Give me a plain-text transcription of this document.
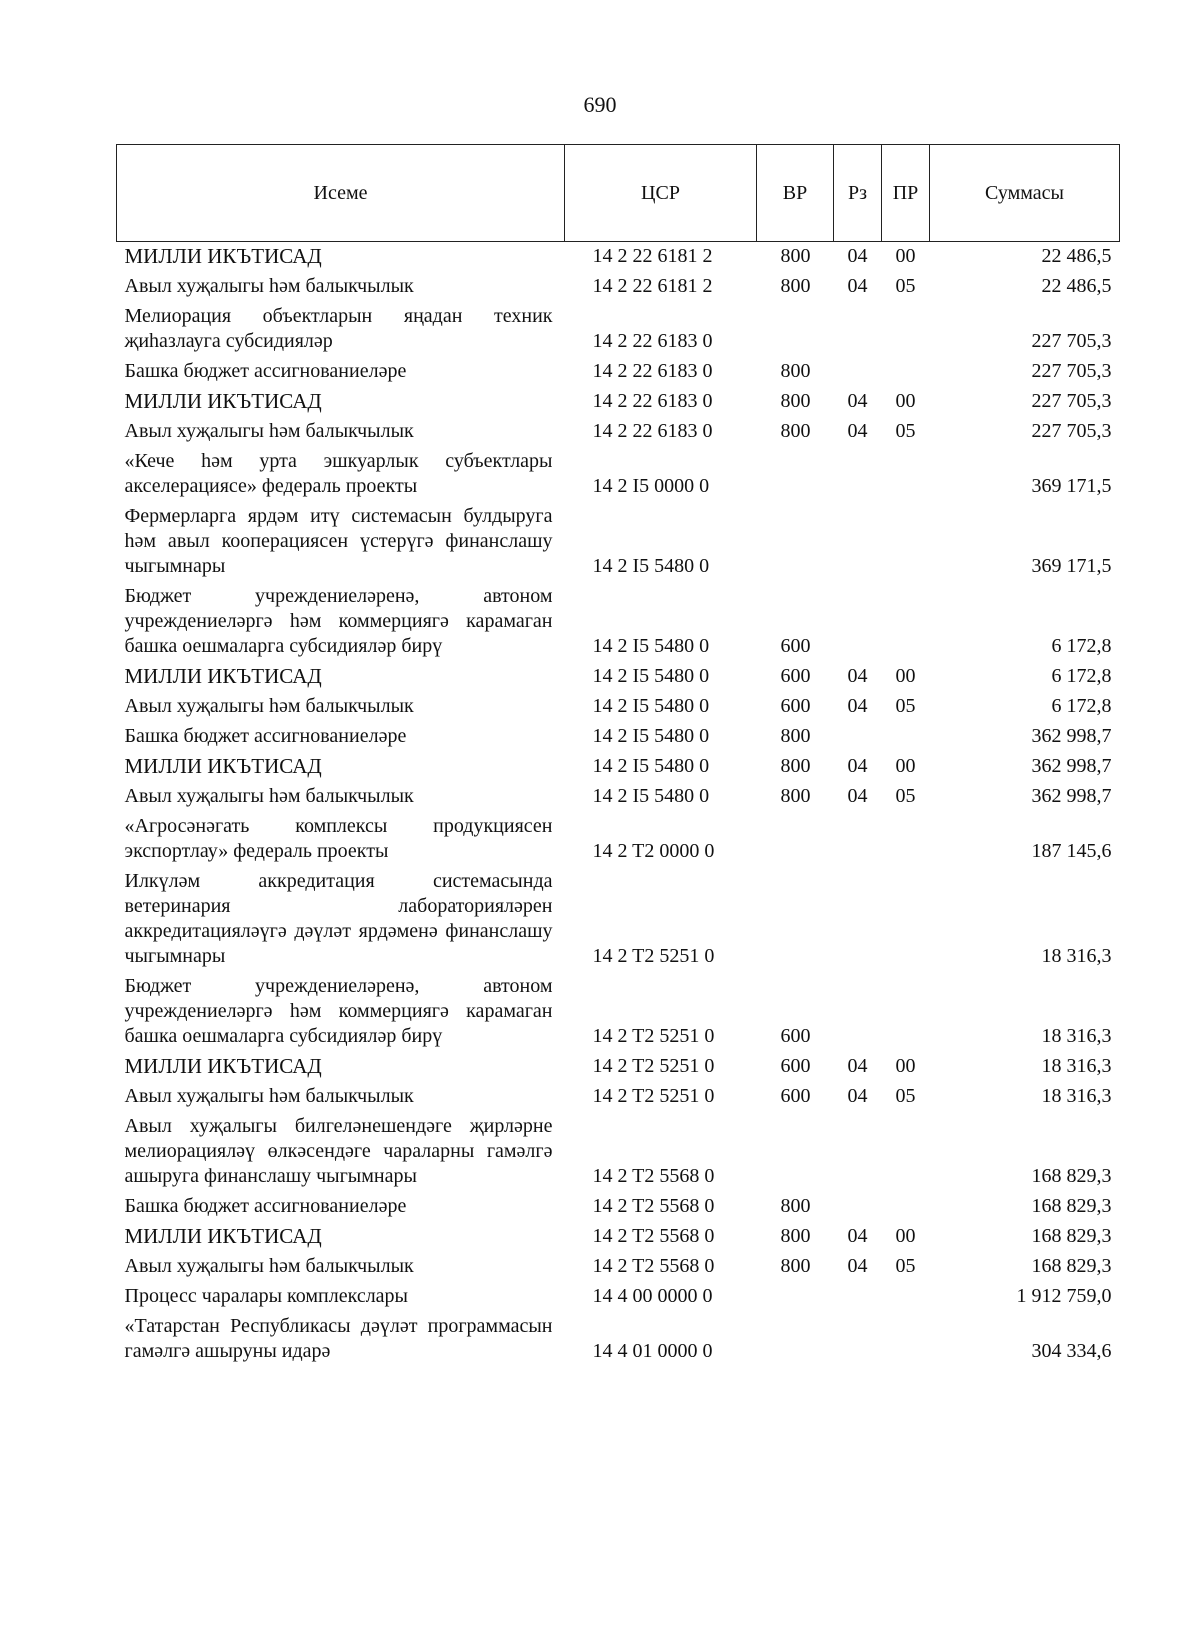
690
Исеме	ЦСР	ВР	Рз	ПР	Суммасы
МИЛЛИ ИКЪТИСАД	14 2 22 6181 2	800	04	00	22 486,5
Авыл хуҗалыгы һәм балыкчылык	14 2 22 6181 2	800	04	05	22 486,5
Мелиорация объектларын яңадан техник җиһазлауга субсидияләр	14 2 22 6183 0				227 705,3
Башка бюджет ассигнованиеләре	14 2 22 6183 0	800			227 705,3
МИЛЛИ ИКЪТИСАД	14 2 22 6183 0	800	04	00	227 705,3
Авыл хуҗалыгы һәм балыкчылык	14 2 22 6183 0	800	04	05	227 705,3
«Кече һәм урта эшкуарлык субъектлары акселерациясе» федераль проекты	14 2 I5 0000 0				369 171,5
Фермерларга ярдәм итү системасын булдыруга һәм авыл кооперациясен үстерүгә финанслашу чыгымнары	14 2 I5 5480 0				369 171,5
Бюджет учреждениеләренә, автоном учреждениеләргә һәм коммерциягә карамаган башка оешмаларга субсидияләр бирү	14 2 I5 5480 0	600			6 172,8
МИЛЛИ ИКЪТИСАД	14 2 I5 5480 0	600	04	00	6 172,8
Авыл хуҗалыгы һәм балыкчылык	14 2 I5 5480 0	600	04	05	6 172,8
Башка бюджет ассигнованиеләре	14 2 I5 5480 0	800			362 998,7
МИЛЛИ ИКЪТИСАД	14 2 I5 5480 0	800	04	00	362 998,7
Авыл хуҗалыгы һәм балыкчылык	14 2 I5 5480 0	800	04	05	362 998,7
«Агросәнәгать комплексы продукциясен экспортлау» федераль проекты	14 2 T2 0000 0				187 145,6
Илкүләм аккредитация системасында ветеринария лабораторияләрен аккредитацияләүгә дәүләт ярдәменә финанслашу чыгымнары	14 2 T2 5251 0				18 316,3
Бюджет учреждениеләренә, автоном учреждениеләргә һәм коммерциягә карамаган башка оешмаларга субсидияләр бирү	14 2 T2 5251 0	600			18 316,3
МИЛЛИ ИКЪТИСАД	14 2 T2 5251 0	600	04	00	18 316,3
Авыл хуҗалыгы һәм балыкчылык	14 2 T2 5251 0	600	04	05	18 316,3
Авыл хуҗалыгы билгеләнешендәге җирләрне мелиорацияләү өлкәсендәге чараларны гамәлгә ашыруга финанслашу чыгымнары	14 2 T2 5568 0				168 829,3
Башка бюджет ассигнованиеләре	14 2 T2 5568 0	800			168 829,3
МИЛЛИ ИКЪТИСАД	14 2 T2 5568 0	800	04	00	168 829,3
Авыл хуҗалыгы һәм балыкчылык	14 2 T2 5568 0	800	04	05	168 829,3
Процесс чаралары комплекслары	14 4 00 0000 0				1 912 759,0
«Татарстан Республикасы дәүләт программасын гамәлгә ашыруны идарә	14 4 01 0000 0				304 334,6
